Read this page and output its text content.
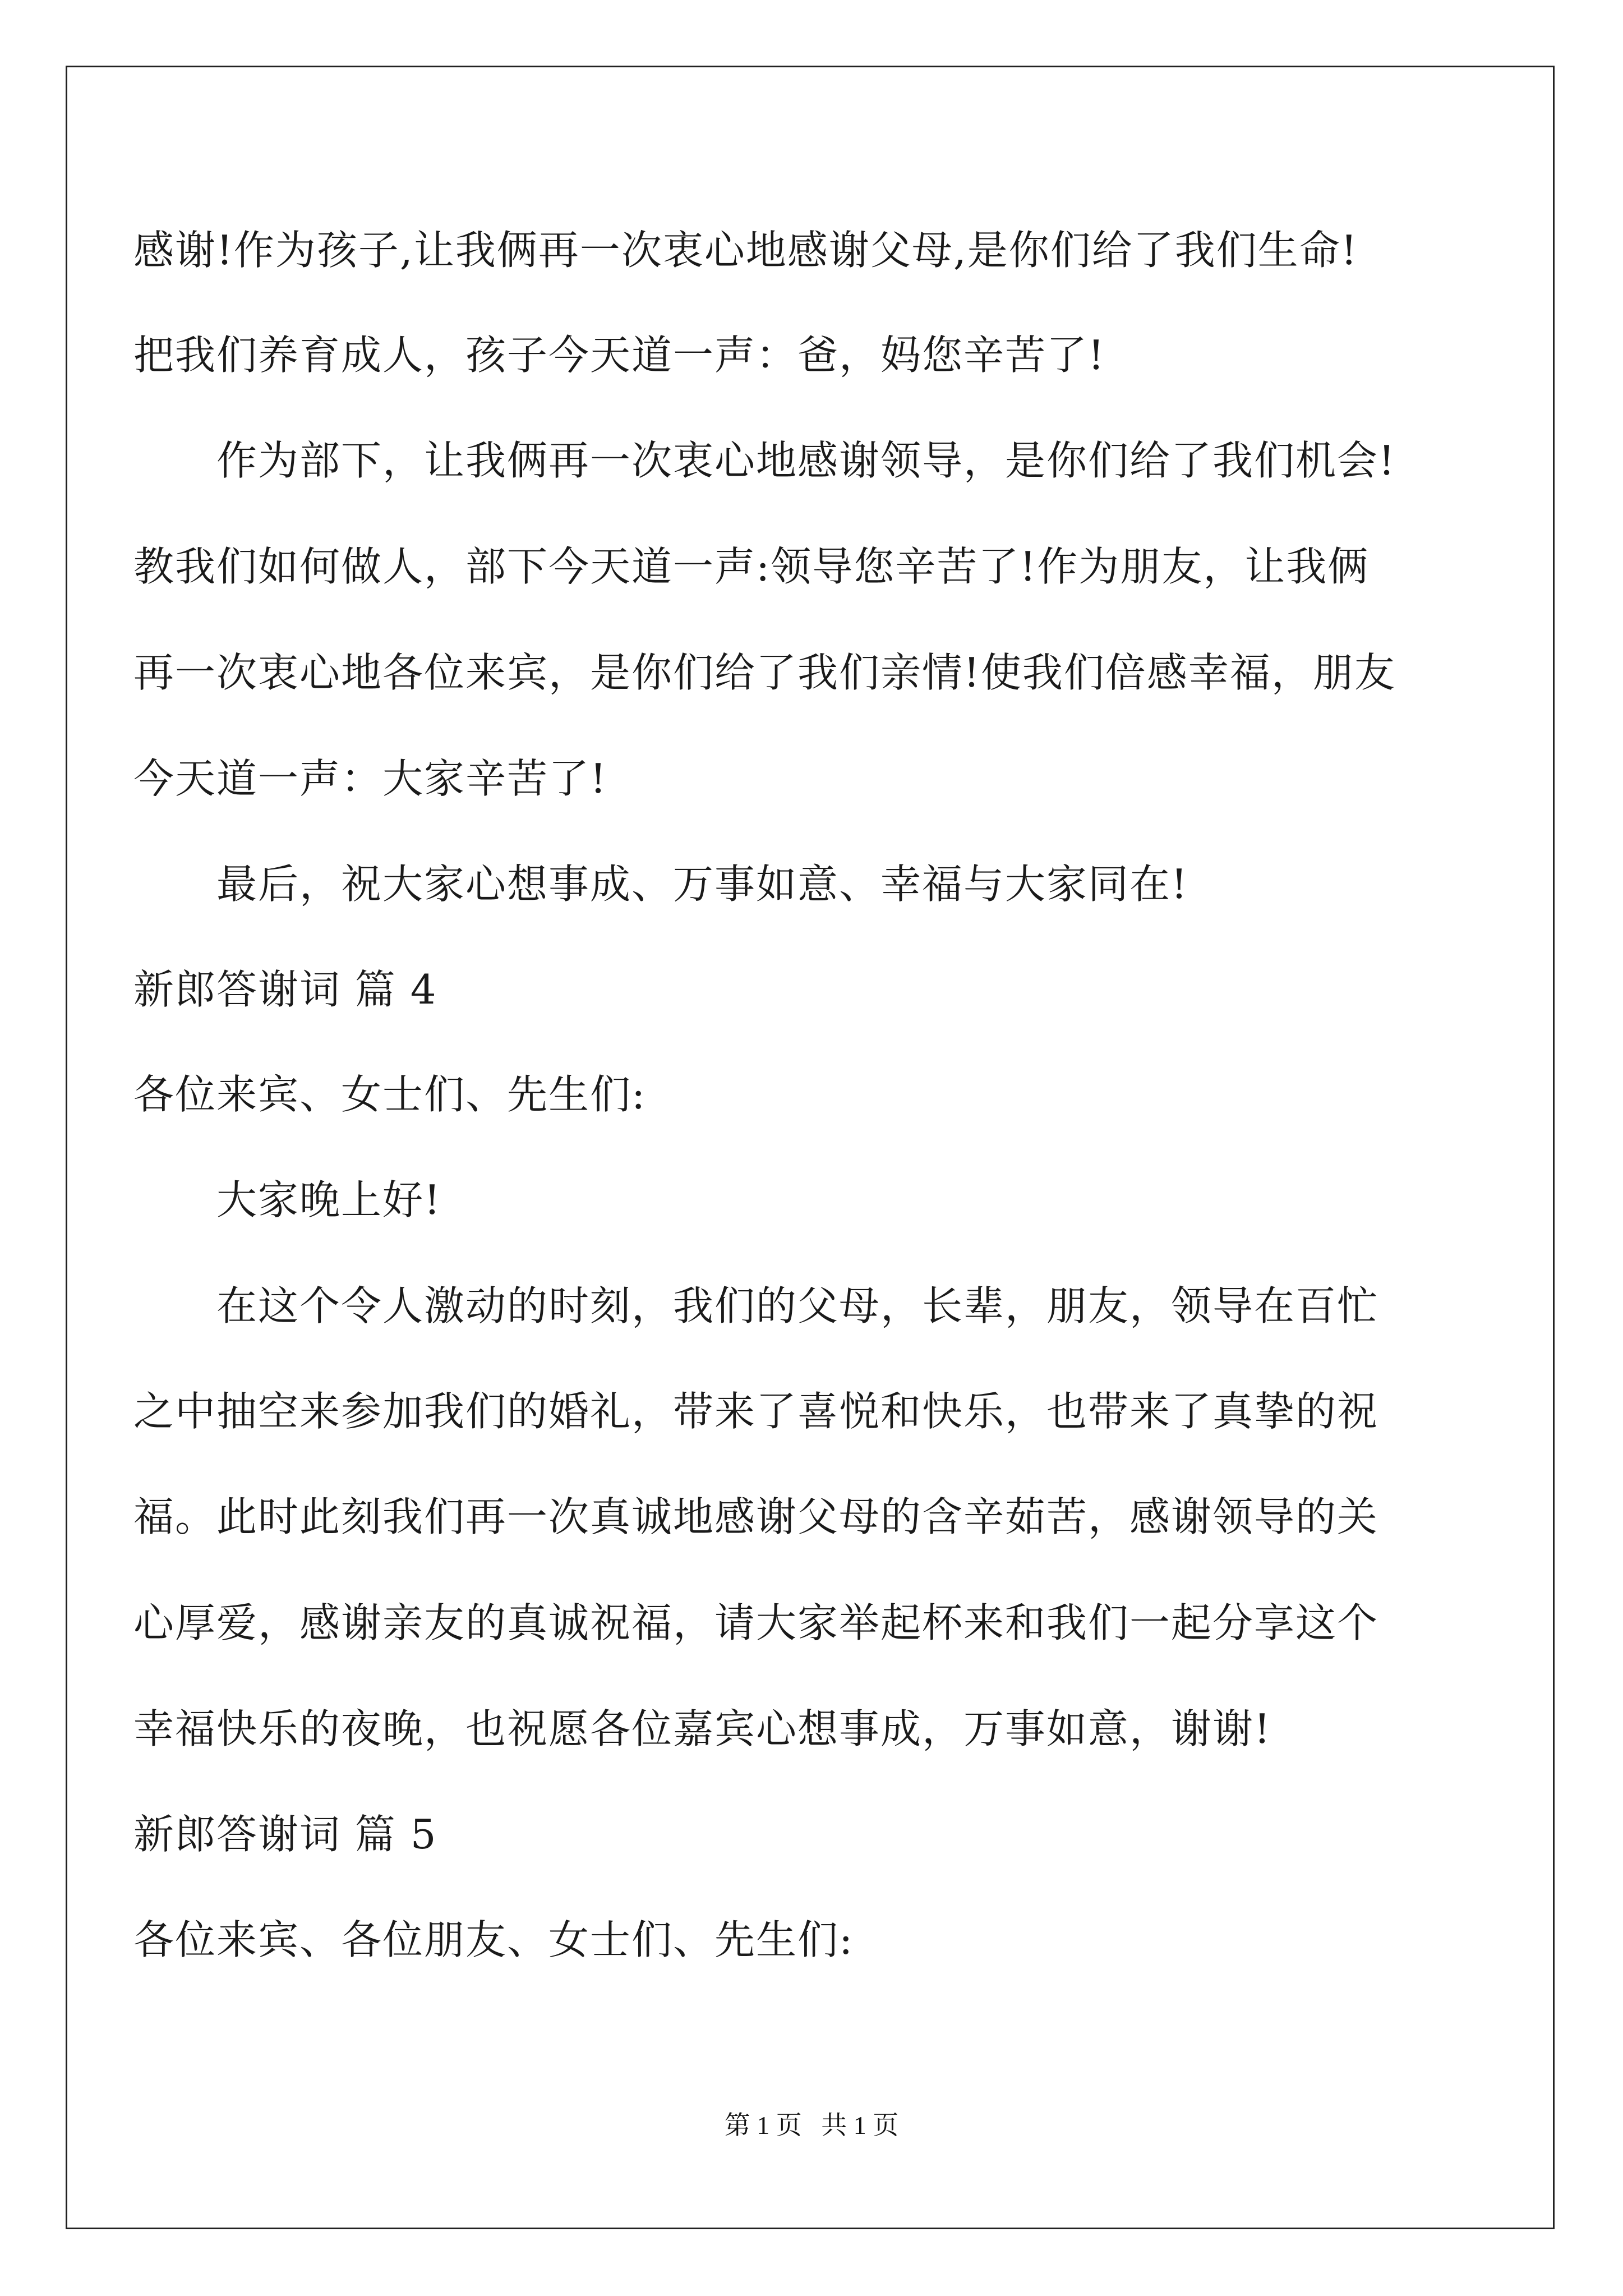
感谢!作为孩子,让我俩再一次衷心地感谢父母,是你们给了我们生命!
把我们养育成人，孩子今天道一声：爸，妈您辛苦了!
作为部下，让我俩再一次衷心地感谢领导，是你们给了我们机会!
教我们如何做人，部下今天道一声:领导您辛苦了!作为朋友，让我俩
再一次衷心地各位来宾，是你们给了我们亲情!使我们倍感幸福，朋友
今天道一声：大家辛苦了!
最后，祝大家心想事成、万事如意、幸福与大家同在!
新郎答谢词 篇 4
各位来宾、女士们、先生们:
大家晚上好!
在这个令人激动的时刻，我们的父母，长辈，朋友，领导在百忙
之中抽空来参加我们的婚礼，带来了喜悦和快乐，也带来了真挚的祝
福。此时此刻我们再一次真诚地感谢父母的含辛茹苦，感谢领导的关
心厚爱，感谢亲友的真诚祝福，请大家举起杯来和我们一起分享这个
幸福快乐的夜晚，也祝愿各位嘉宾心想事成，万事如意，谢谢!
新郎答谢词 篇 5
各位来宾、各位朋友、女士们、先生们:
第 1 页   共 1 页
